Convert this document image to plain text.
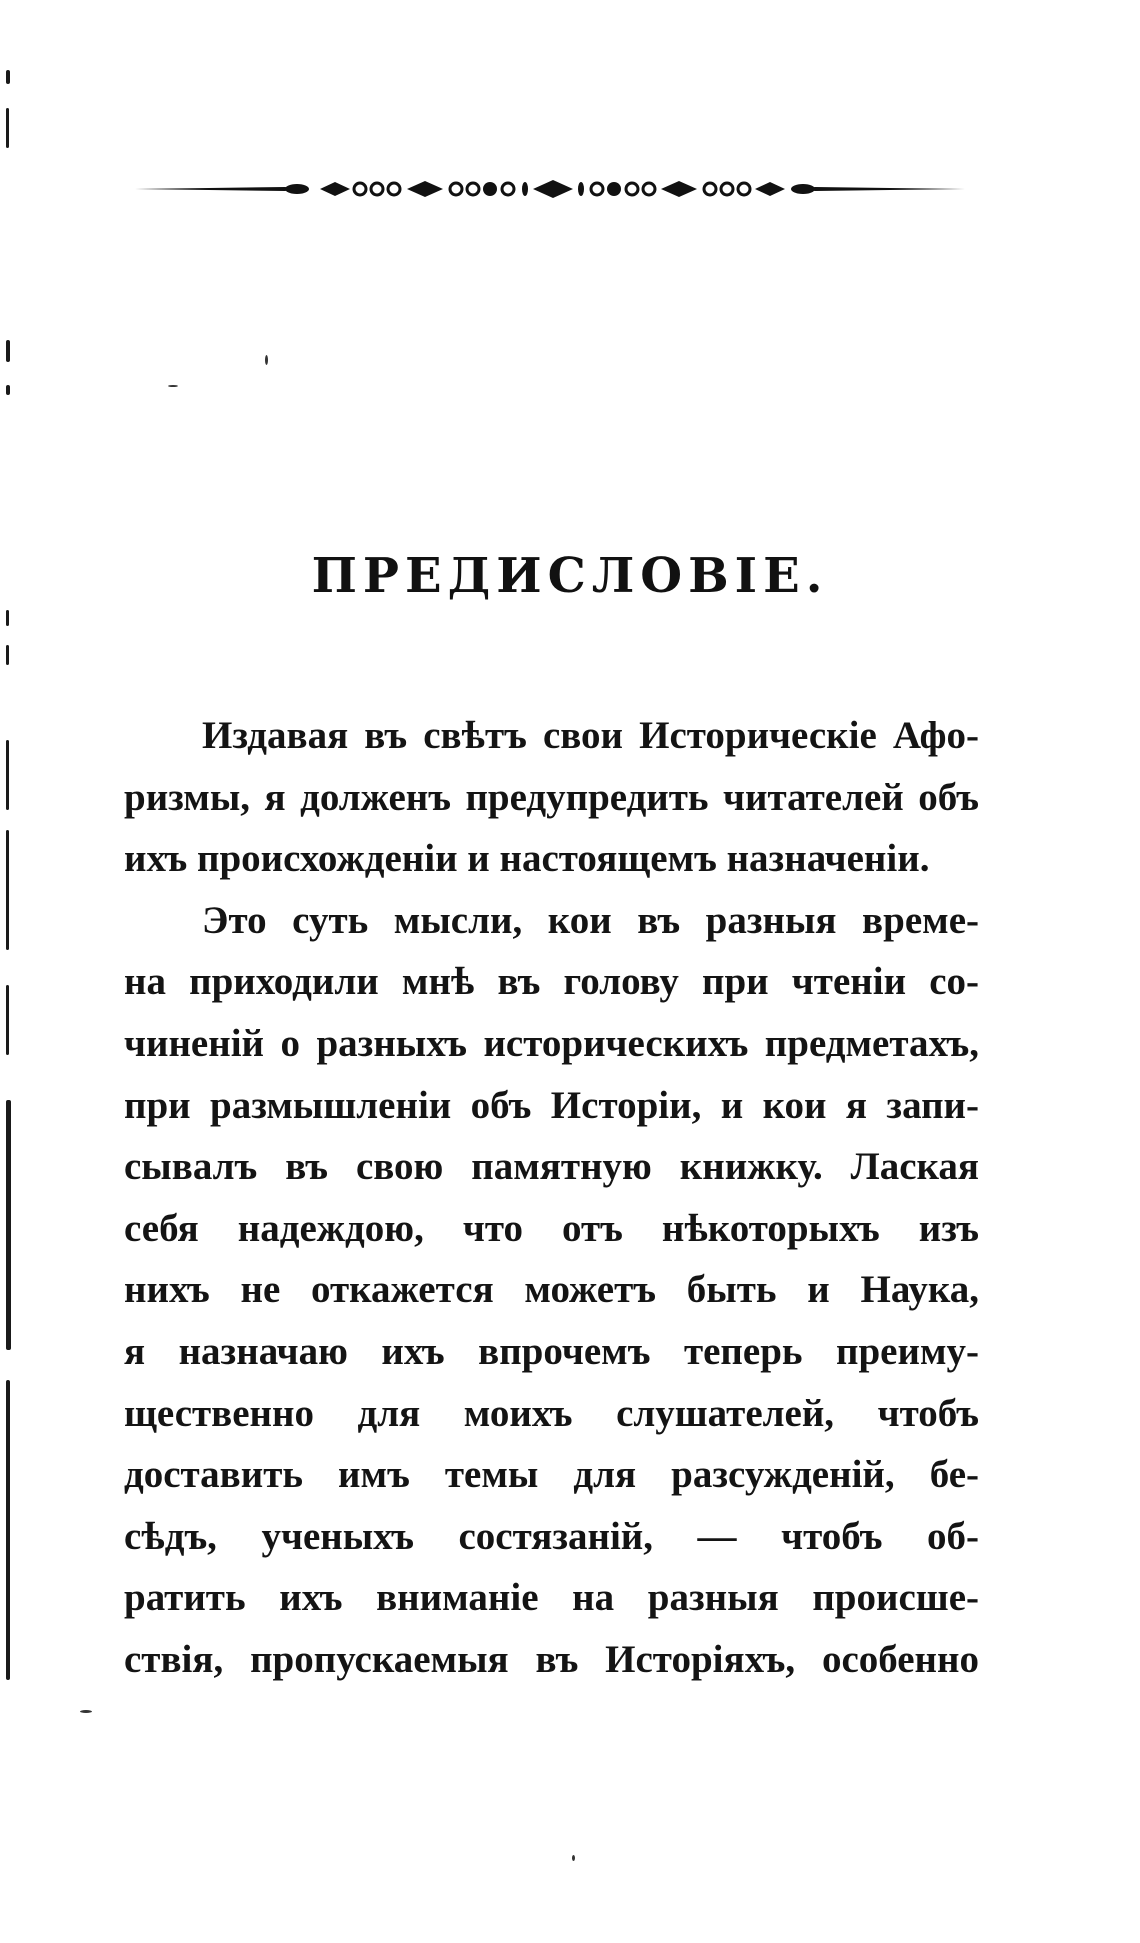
ПРЕДИСЛОВІЕ.
Издавая въ свѣтъ свои Историческіе Афо-
ризмы, я долженъ предупредить читателей объ
ихъ происхожденіи и настоящемъ назначеніи.
Это суть мысли, кои въ разныя време-
на приходили мнѣ въ голову при чтеніи со-
чиненій о разныхъ историческихъ предметахъ,
при размышленіи объ Исторіи, и кои я запи-
сывалъ въ свою памятную книжку. Лаская
себя надеждою, что отъ нѣкоторыхъ изъ
нихъ не откажется можетъ быть и Наука,
я назначаю ихъ впрочемъ теперь преиму-
щественно для моихъ слушателей, чтобъ
доставить имъ темы для разсужденій, бе-
сѣдъ, ученыхъ состязаній, — чтобъ об-
ратить ихъ вниманіе на разныя происше-
ствія, пропускаемыя въ Исторіяхъ, особенно
